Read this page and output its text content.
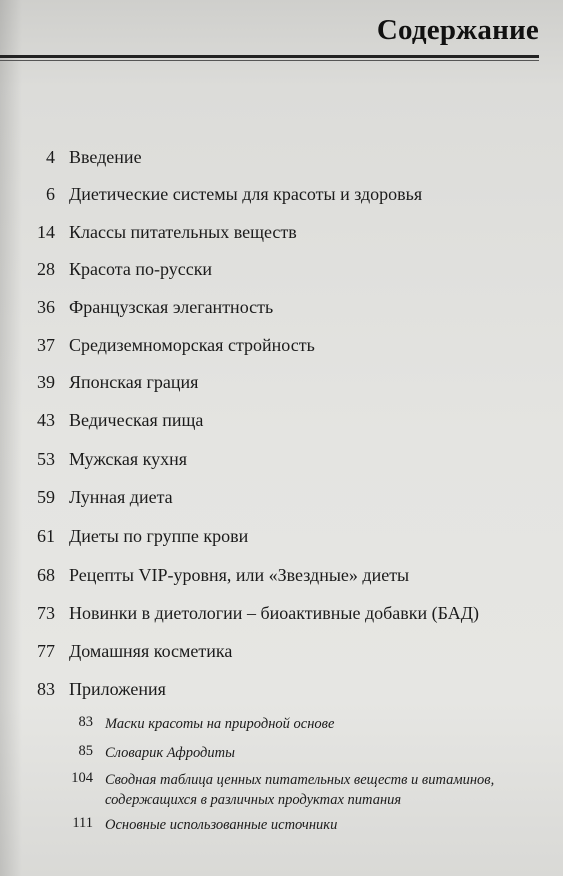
Содержание
4 Введение
6 Диетические системы для красоты и здоровья
14 Классы питательных веществ
28 Красота по-русски
36 Французская элегантность
37 Средиземноморская стройность
39 Японская грация
43 Ведическая пища
53 Мужская кухня
59 Лунная диета
61 Диеты по группе крови
68 Рецепты VIP-уровня, или «Звездные» диеты
73 Новинки в диетологии – биоактивные добавки (БАД)
77 Домашняя косметика
83 Приложения
83 Маски красоты на природной основе
85 Словарик Афродиты
104 Сводная таблица ценных питательных веществ и витаминов,
содержащихся в различных продуктах питания
111 Основные использованные источники
